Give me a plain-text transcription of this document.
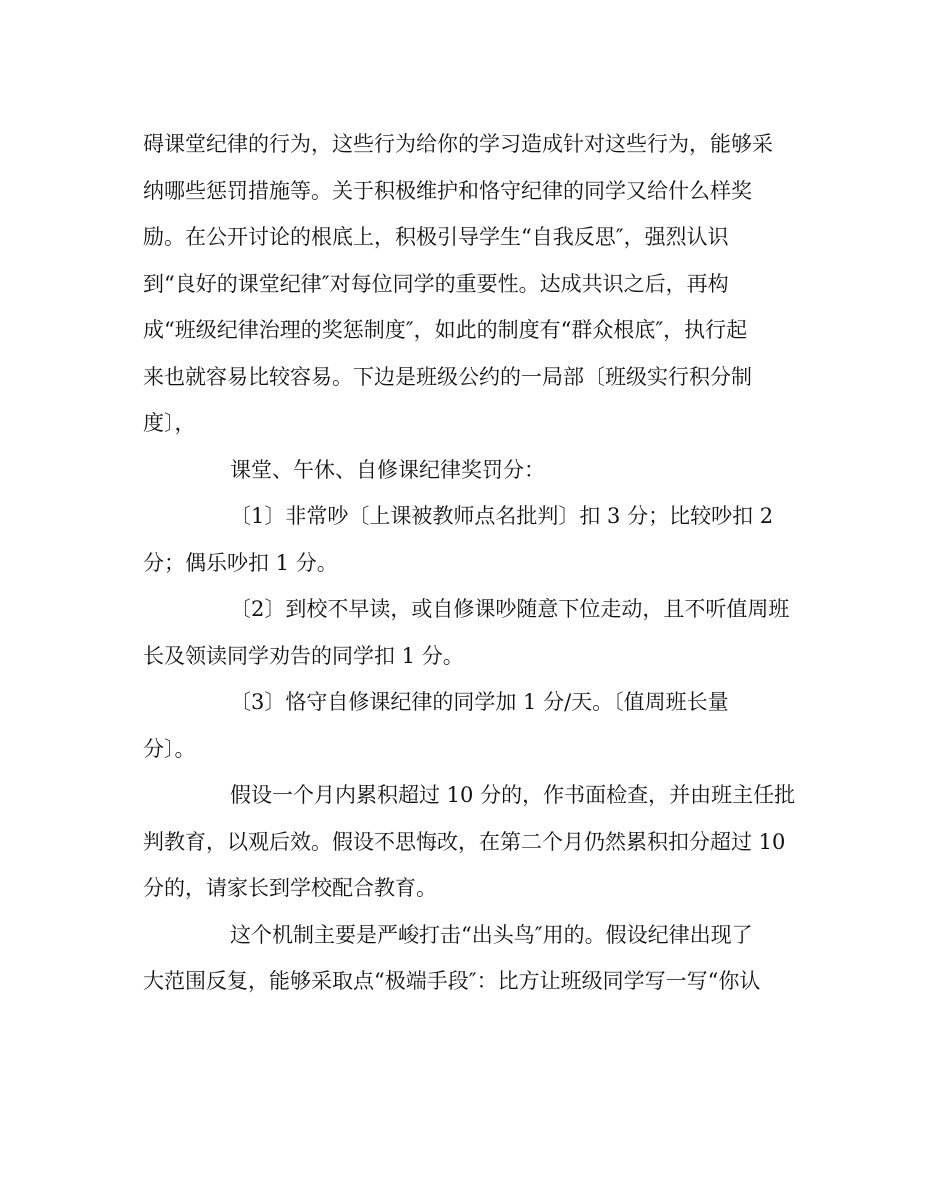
碍课堂纪律的行为，这些行为给你的学习造成针对这些行为，能够采
纳哪些惩罚措施等。关于积极维护和恪守纪律的同学又给什么样奖
励。在公开讨论的根底上，积极引导学生“自我反思″，强烈认识
到“良好的课堂纪律″对每位同学的重要性。达成共识之后，再构
成“班级纪律治理的奖惩制度″，如此的制度有“群众根底″，执行起
来也就容易比较容易。下边是班级公约的一局部〔班级实行积分制
度〕，
课堂、午休、自修课纪律奖罚分：
〔1〕非常吵〔上课被教师点名批判〕扣 3 分；比较吵扣 2
分；偶乐吵扣 1 分。
〔2〕到校不早读，或自修课吵随意下位走动，且不听值周班
长及领读同学劝告的同学扣 1 分。
〔3〕恪守自修课纪律的同学加 1 分/天。〔值周班长量
分〕。
假设一个月内累积超过 10 分的，作书面检查，并由班主任批
判教育，以观后效。假设不思悔改，在第二个月仍然累积扣分超过 10
分的，请家长到学校配合教育。
这个机制主要是严峻打击“出头鸟″用的。假设纪律出现了
大范围反复，能够采取点“极端手段″：比方让班级同学写一写“你认
